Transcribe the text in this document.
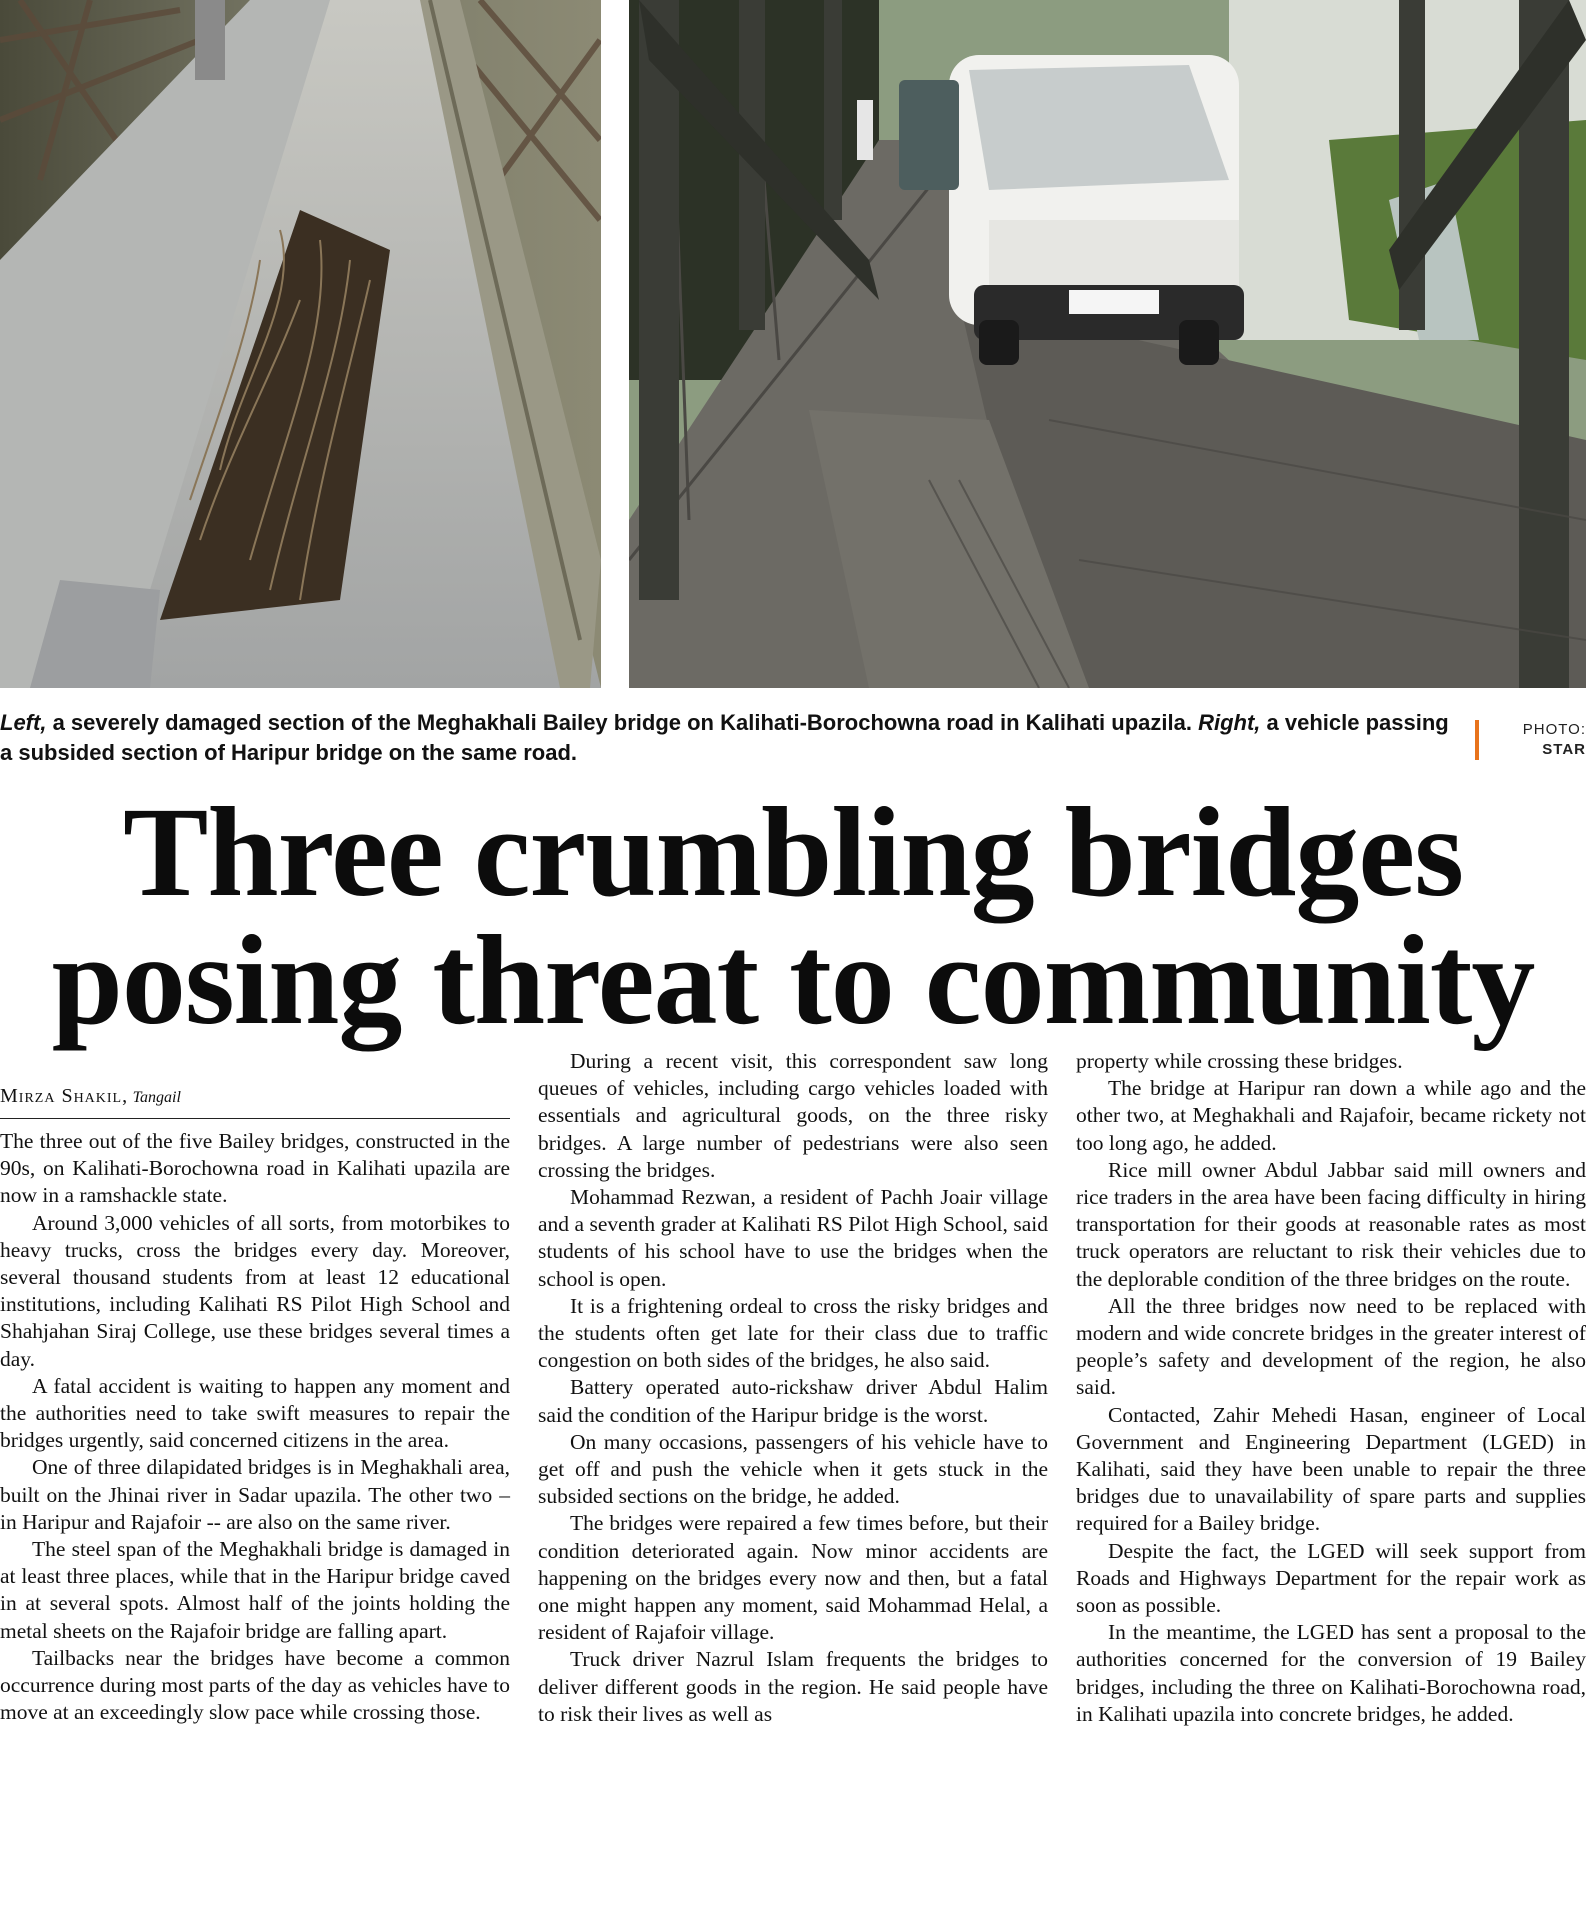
Left, a severely damaged section of the Meghakhali Bailey bridge on Kalihati-Borochowna road in Kalihati upazila. Right, a vehicle passing a subsided section of Haripur bridge on the same road.
PHOTO:
STAR
Three crumbling bridges
posing threat to community
Mirza Shakil, Tangail

The three out of the five Bailey bridges, constructed in the 90s, on Kalihati-Borochowna road in Kalihati upazila are now in a ramshackle state.

Around 3,000 vehicles of all sorts, from motorbikes to heavy trucks, cross the bridges every day. Moreover, several thousand students from at least 12 educational institutions, including Kalihati RS Pilot High School and Shahjahan Siraj College, use these bridges several times a day.

A fatal accident is waiting to happen any moment and the authorities need to take swift measures to repair the bridges urgently, said concerned citizens in the area.

One of three dilapidated bridges is in Meghakhali area, built on the Jhinai river in Sadar upazila. The other two – in Haripur and Rajafoir -- are also on the same river.

The steel span of the Meghakhali bridge is damaged in at least three places, while that in the Haripur bridge caved in at several spots. Almost half of the joints holding the metal sheets on the Rajafoir bridge are falling apart.

Tailbacks near the bridges have become a common occurrence during most parts of the day as vehicles have to move at an exceedingly slow pace while crossing those.

During a recent visit, this correspondent saw long queues of vehicles, including cargo vehicles loaded with essentials and agricultural goods, on the three risky bridges. A large number of pedestrians were also seen crossing the bridges.

Mohammad Rezwan, a resident of Pachh Joair village and a seventh grader at Kalihati RS Pilot High School, said students of his school have to use the bridges when the school is open.

It is a frightening ordeal to cross the risky bridges and the students often get late for their class due to traffic congestion on both sides of the bridges, he also said.

Battery operated auto-rickshaw driver Abdul Halim said the condition of the Haripur bridge is the worst.

On many occasions, passengers of his vehicle have to get off and push the vehicle when it gets stuck in the subsided sections on the bridge, he added.

The bridges were repaired a few times before, but their condition deteriorated again. Now minor accidents are happening on the bridges every now and then, but a fatal one might happen any moment, said Mohammad Helal, a resident of Rajafoir village.

Truck driver Nazrul Islam frequents the bridges to deliver different goods in the region. He said people have to risk their lives as well as

property while crossing these bridges.

The bridge at Haripur ran down a while ago and the other two, at Meghakhali and Rajafoir, became rickety not too long ago, he added.

Rice mill owner Abdul Jabbar said mill owners and rice traders in the area have been facing difficulty in hiring transportation for their goods at reasonable rates as most truck operators are reluctant to risk their vehicles due to the deplorable condition of the three bridges on the route.

All the three bridges now need to be replaced with modern and wide concrete bridges in the greater interest of people’s safety and development of the region, he also said.

Contacted, Zahir Mehedi Hasan, engineer of Local Government and Engineering Department (LGED) in Kalihati, said they have been unable to repair the three bridges due to unavailability of spare parts and supplies required for a Bailey bridge.

Despite the fact, the LGED will seek support from Roads and Highways Department for the repair work as soon as possible.

In the meantime, the LGED has sent a proposal to the authorities concerned for the conversion of 19 Bailey bridges, including the three on Kalihati-Borochowna road, in Kalihati upazila into concrete bridges, he added.
